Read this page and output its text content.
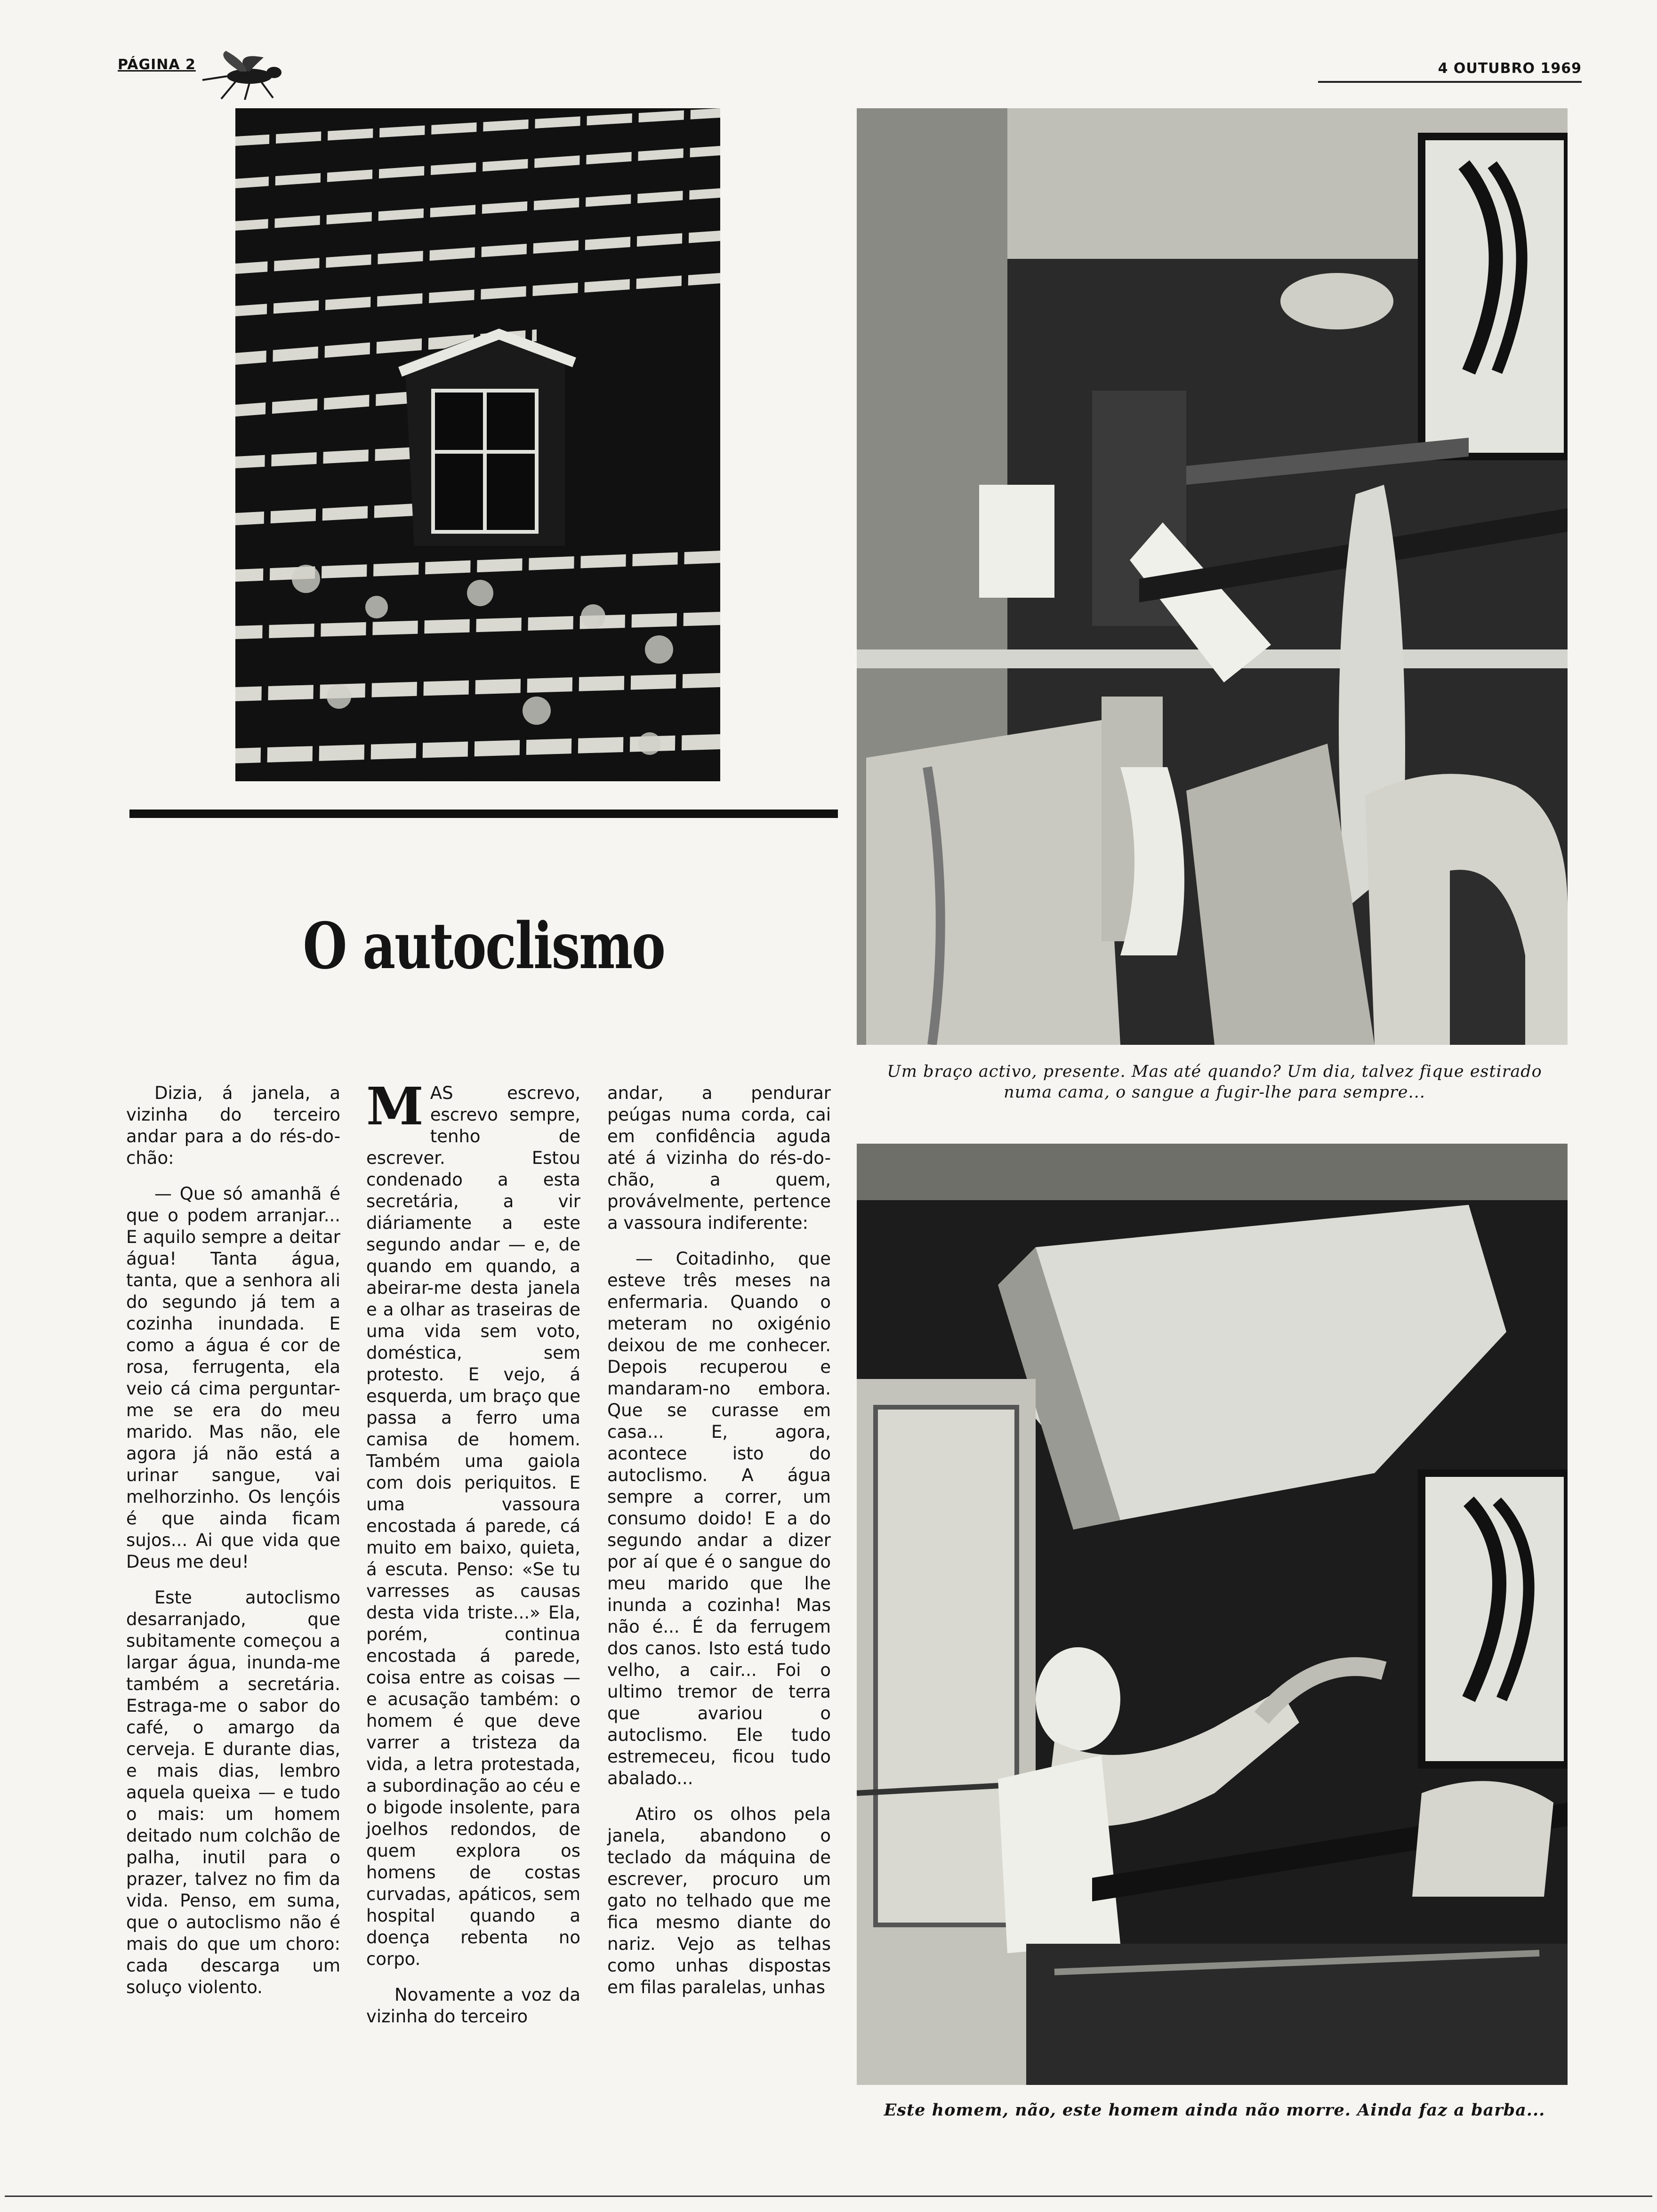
PÁGINA 2	4 OUTUBRO 1969
O autoclismo
Um braço activo, presente. Mas até quando? Um dia, talvez fique estirado numa cama, o sangue a fugir-lhe para sempre...
Este homem, não, este homem ainda não morre. Ainda faz a barba...

Dizia, á janela, a vizinha do terceiro andar para a do rés-do-chão:

— Que só amanhã é que o podem arranjar... E aquilo sempre a deitar água! Tanta água, tanta, que a senhora ali do segundo já tem a cozinha inundada. E como a água é cor de rosa, ferrugenta, ela veio cá cima perguntar-me se era do meu marido. Mas não, ele agora já não está a urinar sangue, vai melhorzinho. Os lençóis é que ainda ficam sujos... Ai que vida que Deus me deu!

Este autoclismo desarranjado, que subitamente começou a largar água, inunda-me também a secretária. Estraga-me o sabor do café, o amargo da cerveja. E durante dias, e mais dias, lembro aquela queixa — e tudo o mais: um homem deitado num colchão de palha, inutil para o prazer, talvez no fim da vida. Penso, em suma, que o autoclismo não é mais do que um choro: cada descarga um soluço violento.

MAS escrevo, escrevo sempre, tenho de escrever. Estou condenado a esta secretária, a vir diáriamente a este segundo andar — e, de quando em quando, a abeirar-me desta janela e a olhar as traseiras de uma vida sem voto, doméstica, sem protesto. E vejo, á esquerda, um braço que passa a ferro uma camisa de homem. Também uma gaiola com dois periquitos. E uma vassoura encostada á parede, cá muito em baixo, quieta, á escuta. Penso: «Se tu varresses as causas desta vida triste...» Ela, porém, continua encostada á parede, coisa entre as coisas — e acusação também: o homem é que deve varrer a tristeza da vida, a letra protestada, a subordinação ao céu e o bigode insolente, para joelhos redondos, de quem explora os homens de costas curvadas, apáticos, sem hospital quando a doença rebenta no corpo.

Novamente a voz da vizinha do terceiro

andar, a pendurar peúgas numa corda, cai em confidência aguda até á vizinha do rés-do-chão, a quem, provávelmente, pertence a vassoura indiferente:

— Coitadinho, que esteve três meses na enfermaria. Quando o meteram no oxigénio deixou de me conhecer. Depois recuperou e mandaram-no embora. Que se curasse em casa... E, agora, acontece isto do autoclismo. A água sempre a correr, um consumo doido! E a do segundo andar a dizer por aí que é o sangue do meu marido que lhe inunda a cozinha! Mas não é... É da ferrugem dos canos. Isto está tudo velho, a cair... Foi o ultimo tremor de terra que avariou o autoclismo. Ele tudo estremeceu, ficou tudo abalado...

Atiro os olhos pela janela, abandono o teclado da máquina de escrever, procuro um gato no telhado que me fica mesmo diante do nariz. Vejo as telhas como unhas dispostas em filas paralelas, unhas
